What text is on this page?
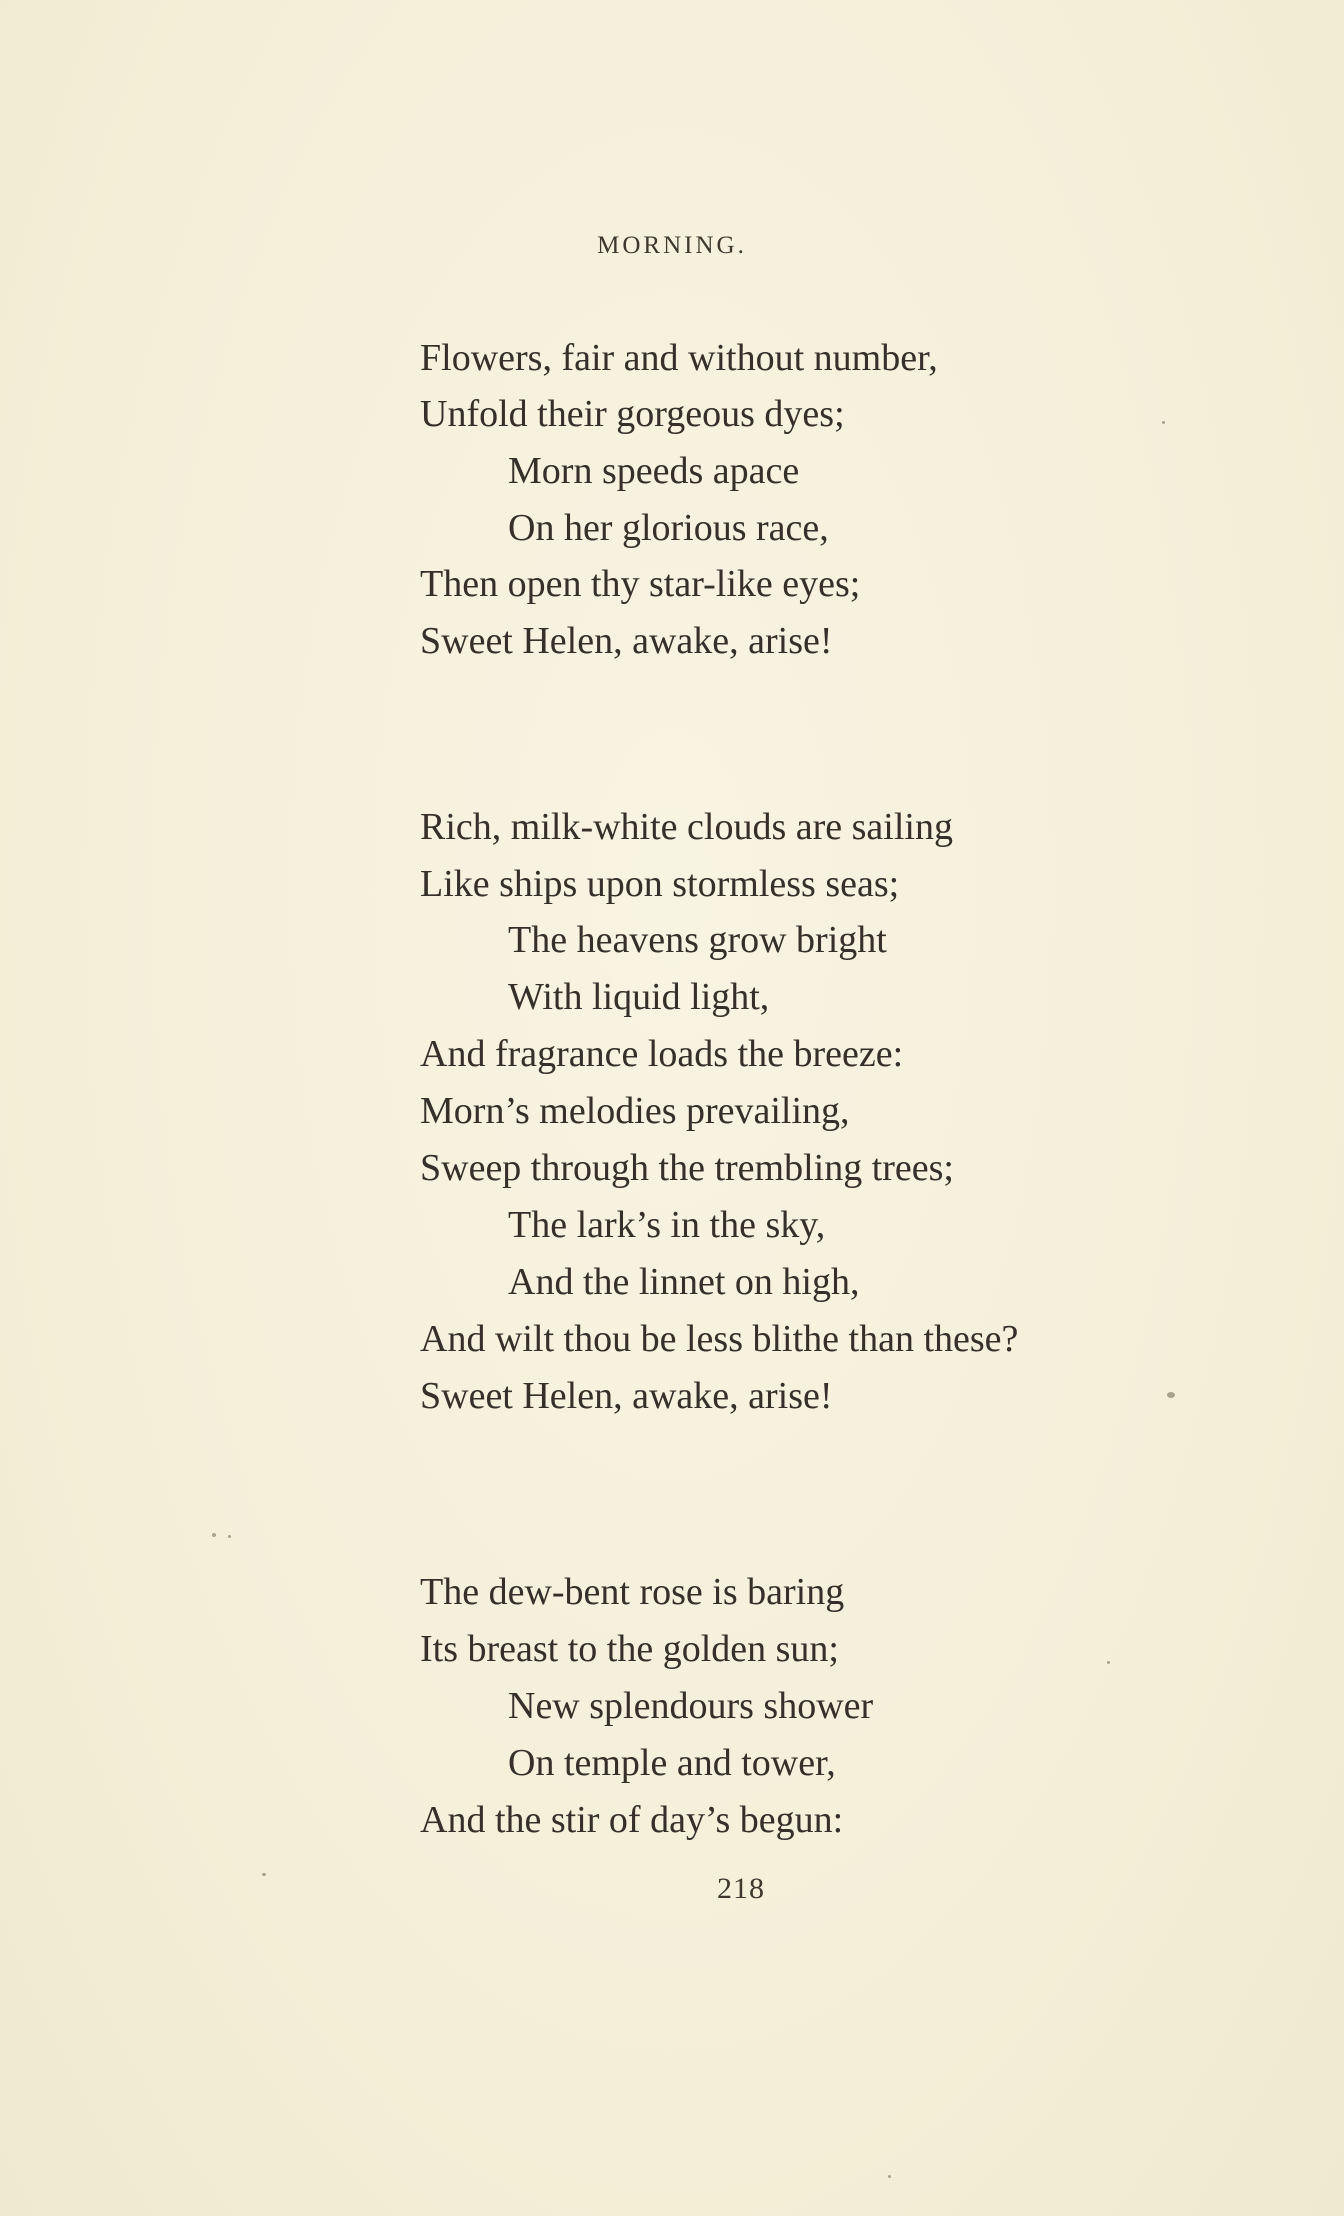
MORNING.
Flowers, fair and without number,
Unfold their gorgeous dyes;
Morn speeds apace
On her glorious race,
Then open thy star-like eyes;
Sweet Helen, awake, arise!
Rich, milk-white clouds are sailing
Like ships upon stormless seas;
The heavens grow bright
With liquid light,
And fragrance loads the breeze:
Morn’s melodies prevailing,
Sweep through the trembling trees;
The lark’s in the sky,
And the linnet on high,
And wilt thou be less blithe than these?
Sweet Helen, awake, arise!
The dew-bent rose is baring
Its breast to the golden sun;
New splendours shower
On temple and tower,
And the stir of day’s begun:
218
